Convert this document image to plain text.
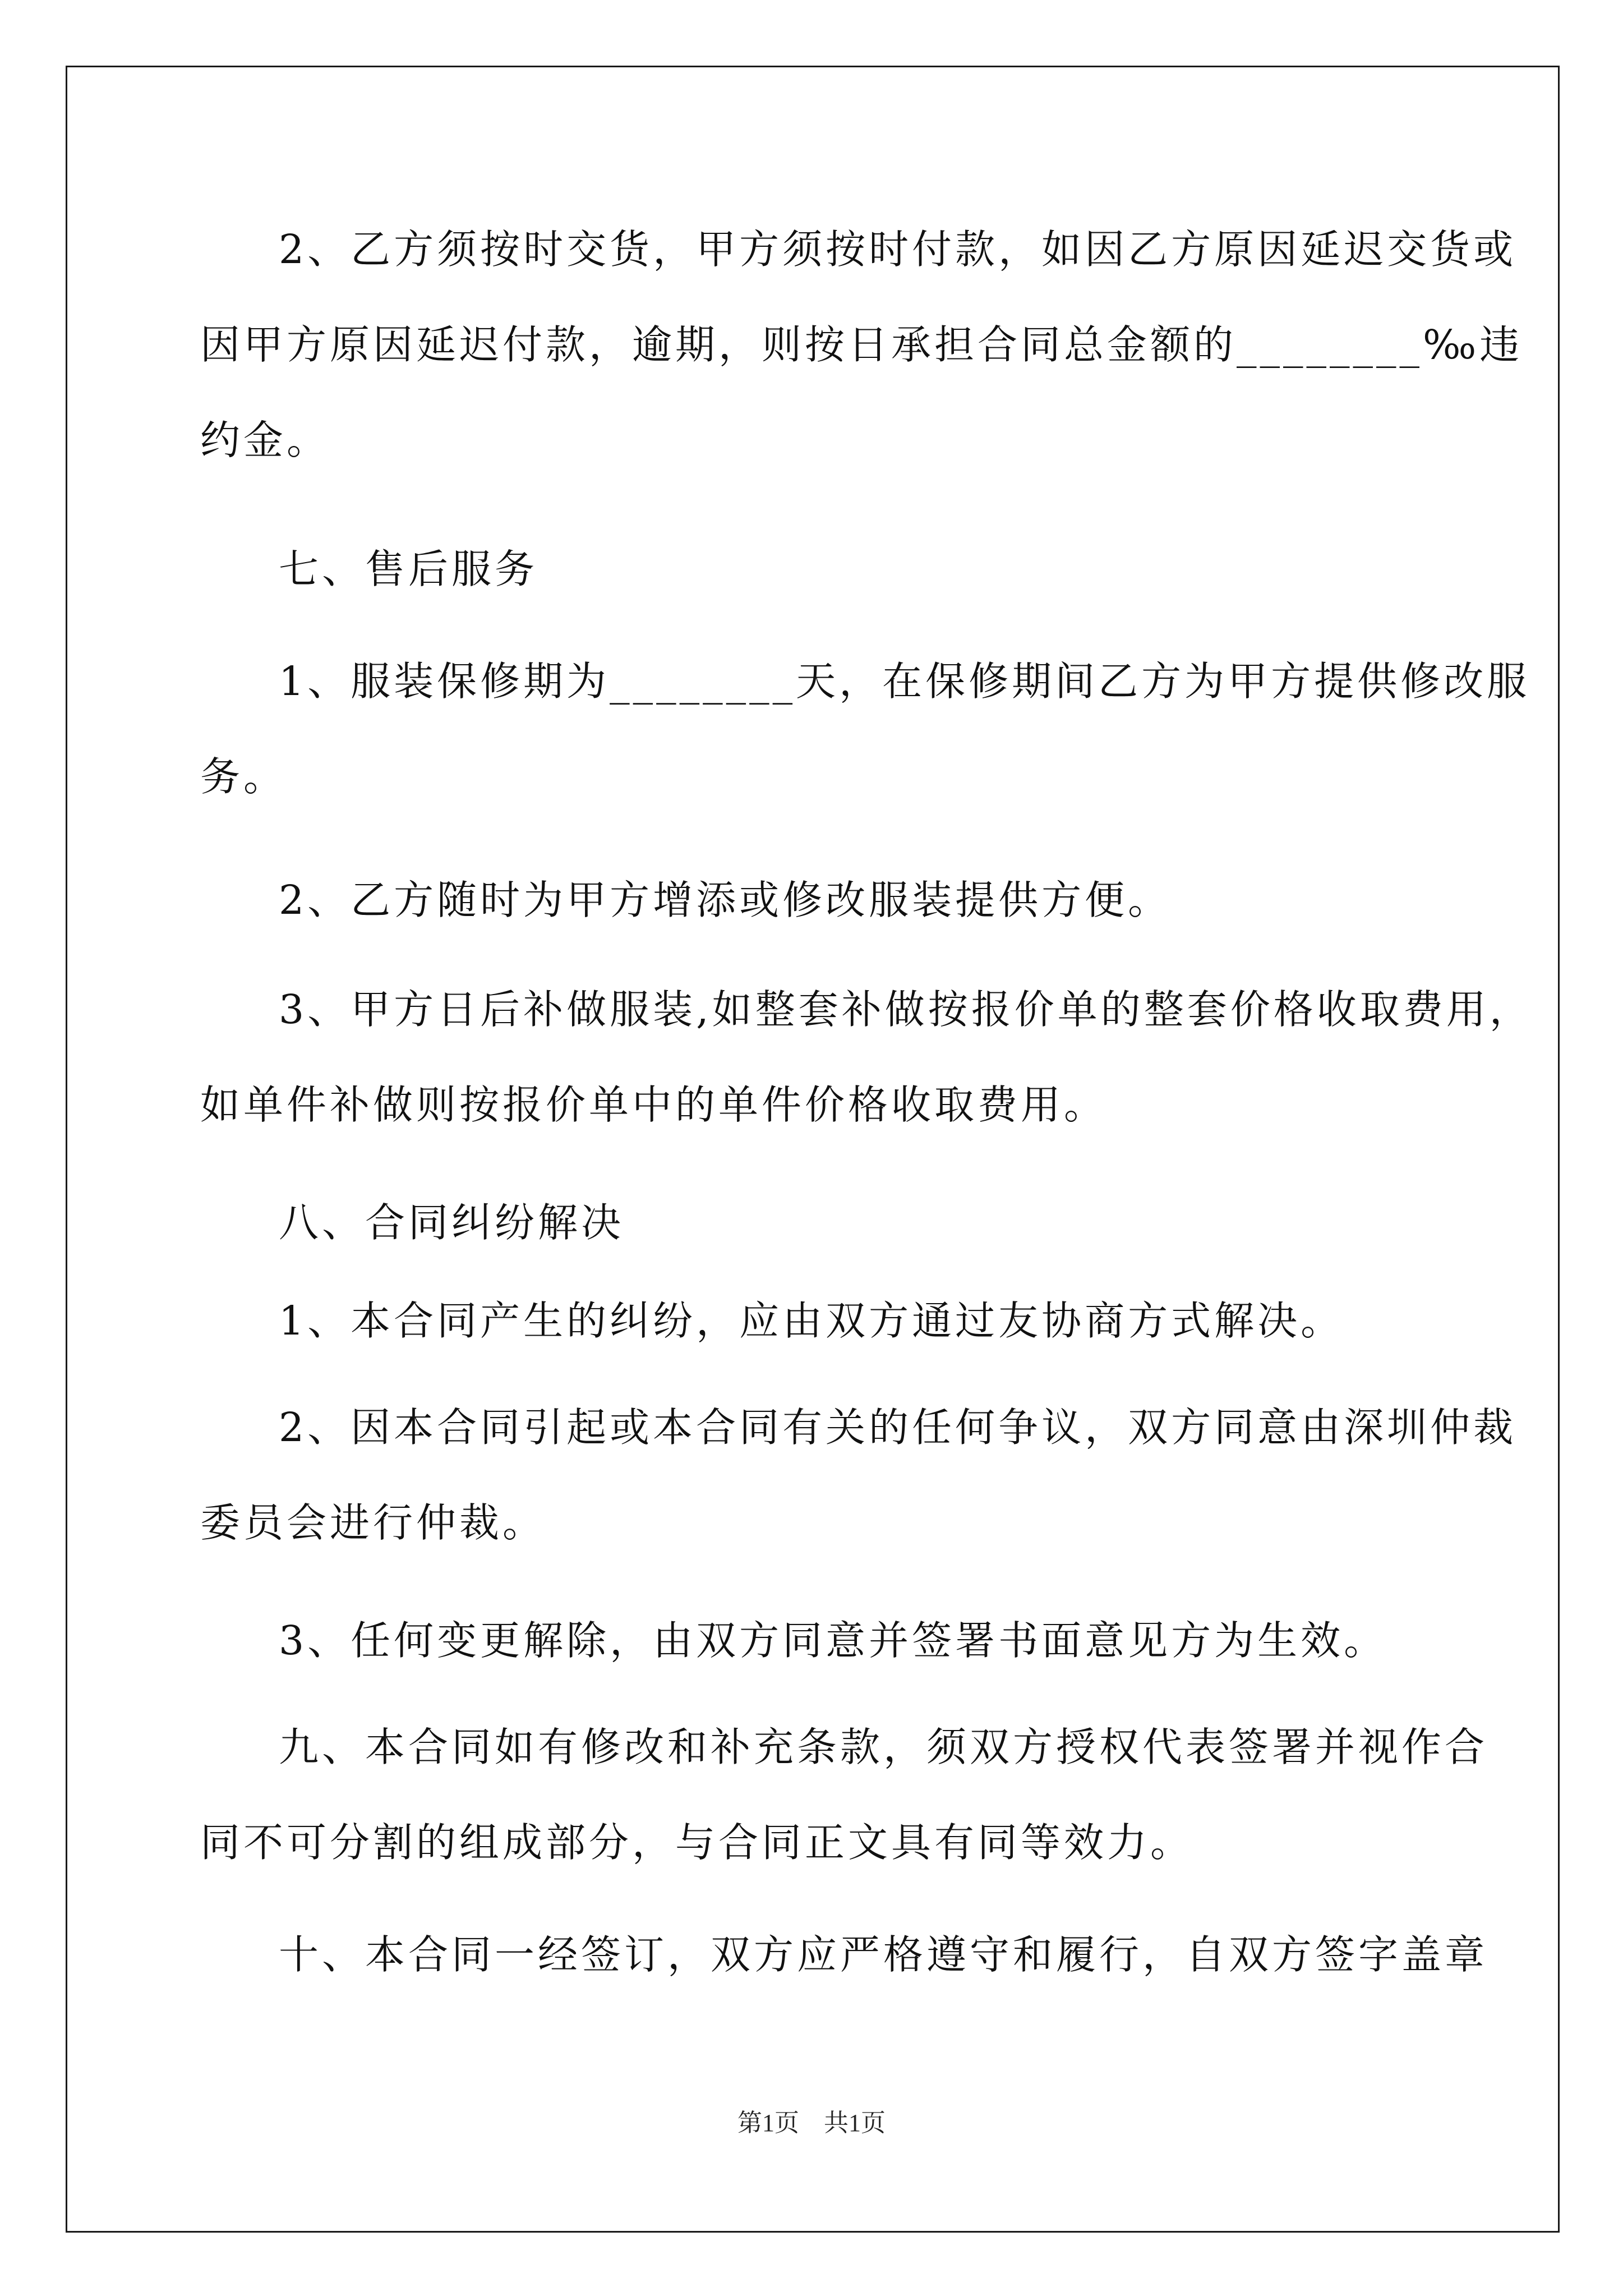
2、乙方须按时交货，甲方须按时付款，如因乙方原因延迟交货或
因甲方原因延迟付款，逾期，则按日承担合同总金额的________‰违
约金。
七、售后服务
1、服装保修期为________天，在保修期间乙方为甲方提供修改服
务。
2、乙方随时为甲方增添或修改服装提供方便。
3、甲方日后补做服装,如整套补做按报价单的整套价格收取费用，
如单件补做则按报价单中的单件价格收取费用。
八、合同纠纷解决
1、本合同产生的纠纷，应由双方通过友协商方式解决。
2、因本合同引起或本合同有关的任何争议，双方同意由深圳仲裁
委员会进行仲裁。
3、任何变更解除，由双方同意并签署书面意见方为生效。
九、本合同如有修改和补充条款，须双方授权代表签署并视作合
同不可分割的组成部分，与合同正文具有同等效力。
十、本合同一经签订，双方应严格遵守和履行，自双方签字盖章
第1页　共1页
